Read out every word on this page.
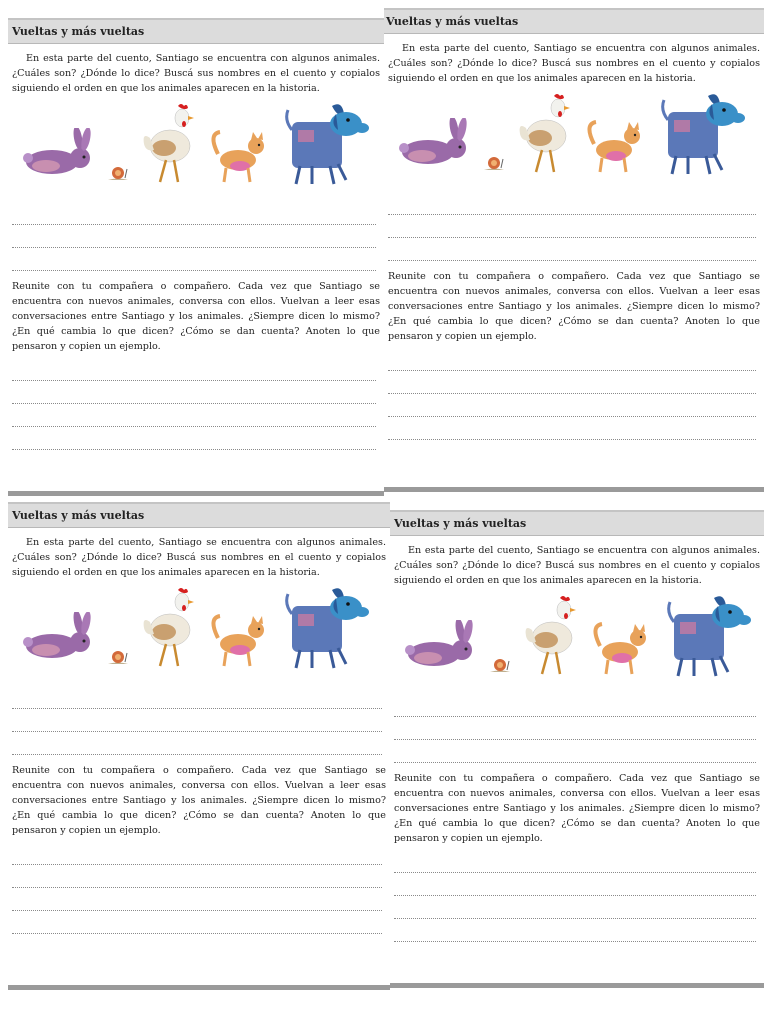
Vueltas y más vueltas

En esta parte del cuento, Santiago se encuentra con algunos animales. ¿Cuáles son? ¿Dónde lo dice? Buscá sus nombres en el cuento y copialos siguiendo el orden en que los animales aparecen en la historia.

Reunite con tu compañera o compañero. Cada vez que Santiago se encuentra con nuevos animales, conversa con ellos. Vuelvan a leer esas conversaciones entre Santiago y los animales. ¿Siempre dicen lo mismo? ¿En qué cambia lo que dicen? ¿Cómo se dan cuenta? Anoten lo que pensaron y copien un ejemplo.

Vueltas y más vueltas

En esta parte del cuento, Santiago se encuentra con algunos animales. ¿Cuáles son? ¿Dónde lo dice? Buscá sus nombres en el cuento y copialos siguiendo el orden en que los animales aparecen en la historia.

Reunite con tu compañera o compañero. Cada vez que Santiago se encuentra con nuevos animales, conversa con ellos. Vuelvan a leer esas conversaciones entre Santiago y los animales. ¿Siempre dicen lo mismo? ¿En qué cambia lo que dicen? ¿Cómo se dan cuenta? Anoten lo que pensaron y copien un ejemplo.

Vueltas y más vueltas

En esta parte del cuento, Santiago se encuentra con algunos animales. ¿Cuáles son? ¿Dónde lo dice? Buscá sus nombres en el cuento y copialos siguiendo el orden en que los animales aparecen en la historia.

Reunite con tu compañera o compañero. Cada vez que Santiago se encuentra con nuevos animales, conversa con ellos. Vuelvan a leer esas conversaciones entre Santiago y los animales. ¿Siempre dicen lo mismo? ¿En qué cambia lo que dicen? ¿Cómo se dan cuenta? Anoten lo que pensaron y copien un ejemplo.

Vueltas y más vueltas

En esta parte del cuento, Santiago se encuentra con algunos animales. ¿Cuáles son? ¿Dónde lo dice? Buscá sus nombres en el cuento y copialos siguiendo el orden en que los animales aparecen en la historia.

Reunite con tu compañera o compañero. Cada vez que Santiago se encuentra con nuevos animales, conversa con ellos. Vuelvan a leer esas conversaciones entre Santiago y los animales. ¿Siempre dicen lo mismo? ¿En qué cambia lo que dicen? ¿Cómo se dan cuenta? Anoten lo que pensaron y copien un ejemplo.
